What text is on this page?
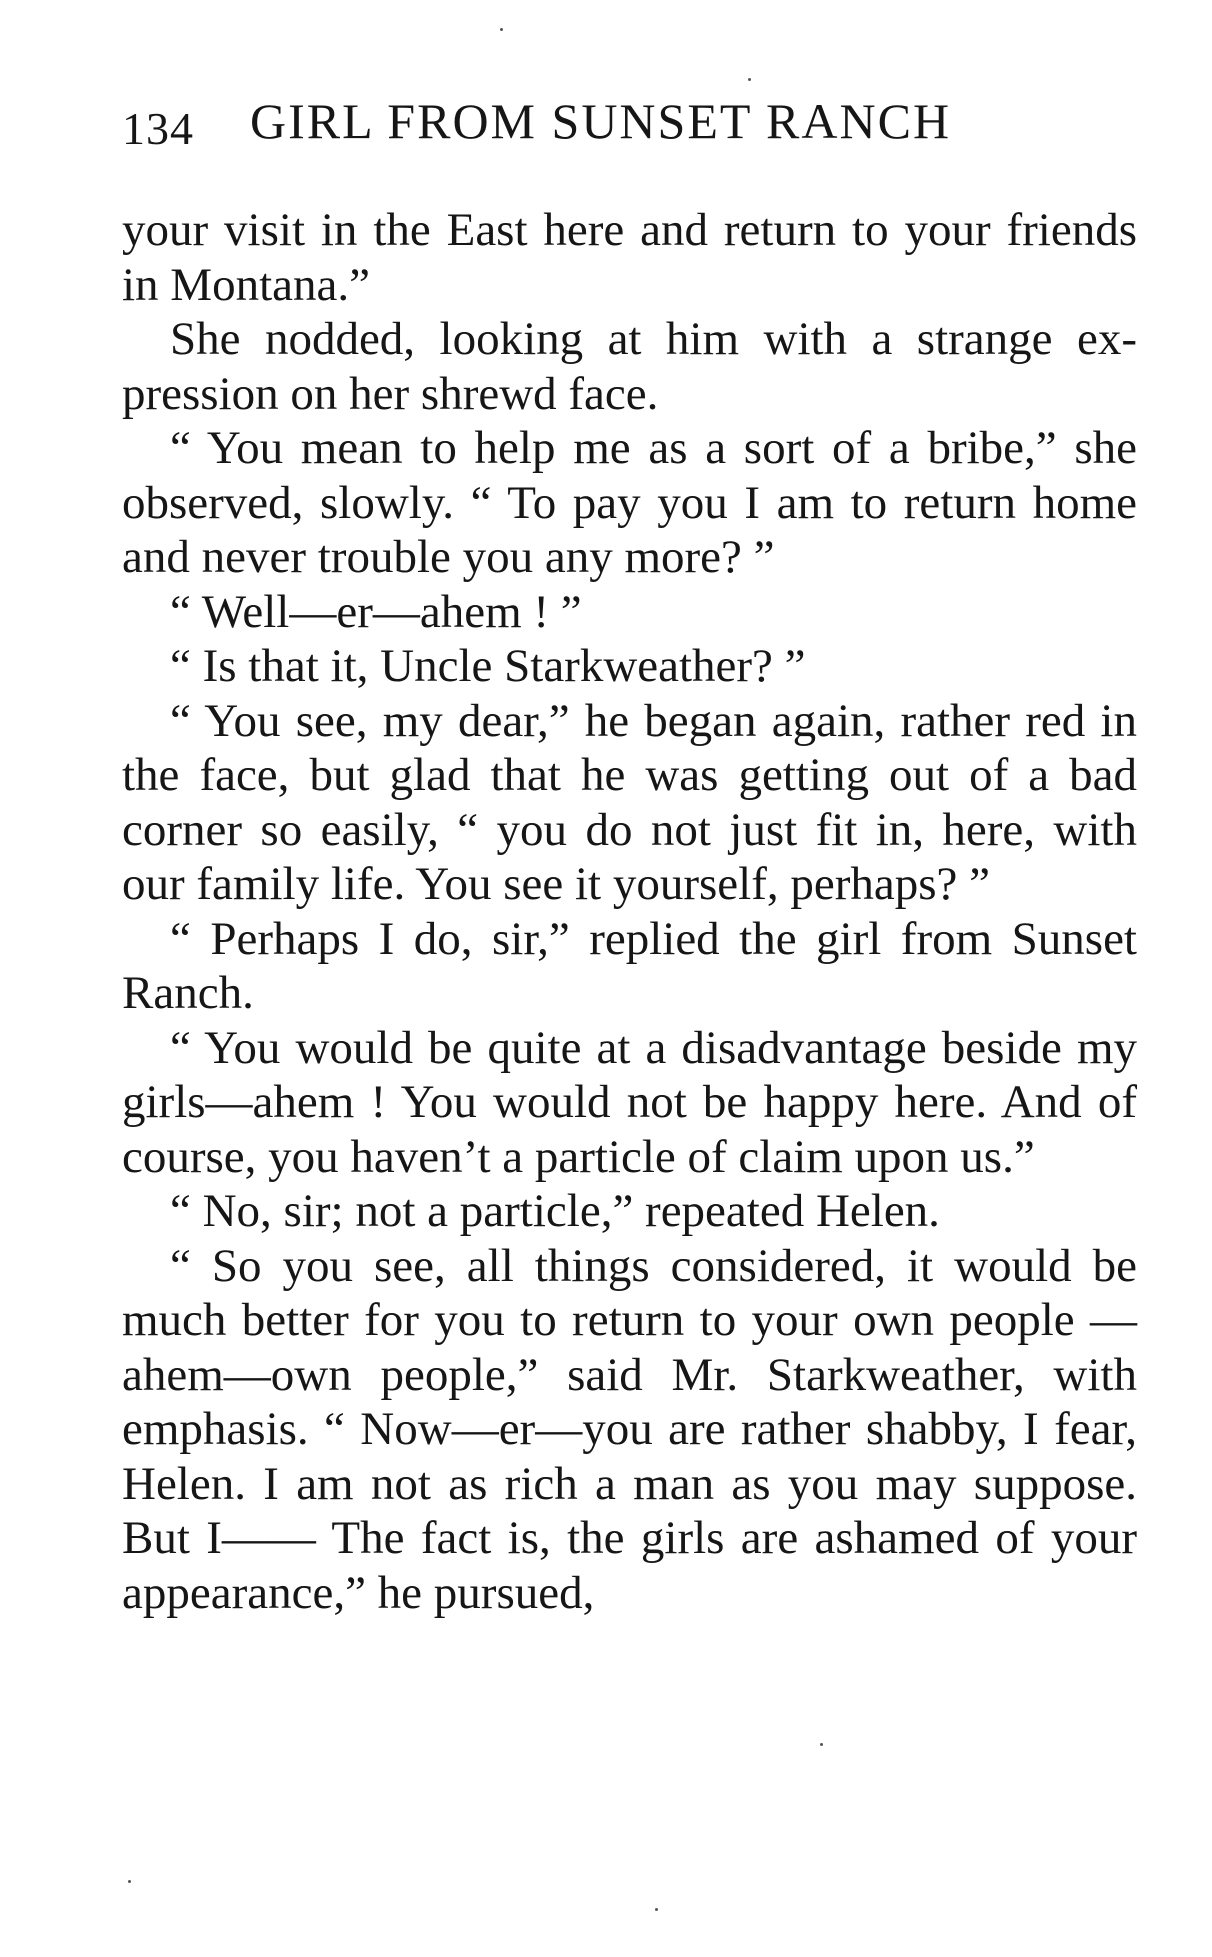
134 GIRL FROM SUNSET RANCH

your visit in the East here and return to your friends in Montana.”

She nodded, looking at him with a strange expression on her shrewd face.

“ You mean to help me as a sort of a bribe,” she observed, slowly. “ To pay you I am to return home and never trouble you any more? ”

“ Well—er—ahem ! ”

“ Is that it, Uncle Starkweather? ”

“ You see, my dear,” he began again, rather red in the face, but glad that he was getting out of a bad corner so easily, “ you do not just fit in, here, with our family life. You see it yourself, perhaps? ”

“ Perhaps I do, sir,” replied the girl from Sunset Ranch.

“ You would be quite at a disadvantage beside my girls—ahem ! You would not be happy here. And of course, you haven’t a particle of claim upon us.”

“ No, sir; not a particle,” repeated Helen.

“ So you see, all things considered, it would be much better for you to return to your own people —ahem—own people,” said Mr. Starkweather, with emphasis. “ Now—er—you are rather shabby, I fear, Helen. I am not as rich a man as you may suppose. But I—— The fact is, the girls are ashamed of your appearance,” he pursued,
